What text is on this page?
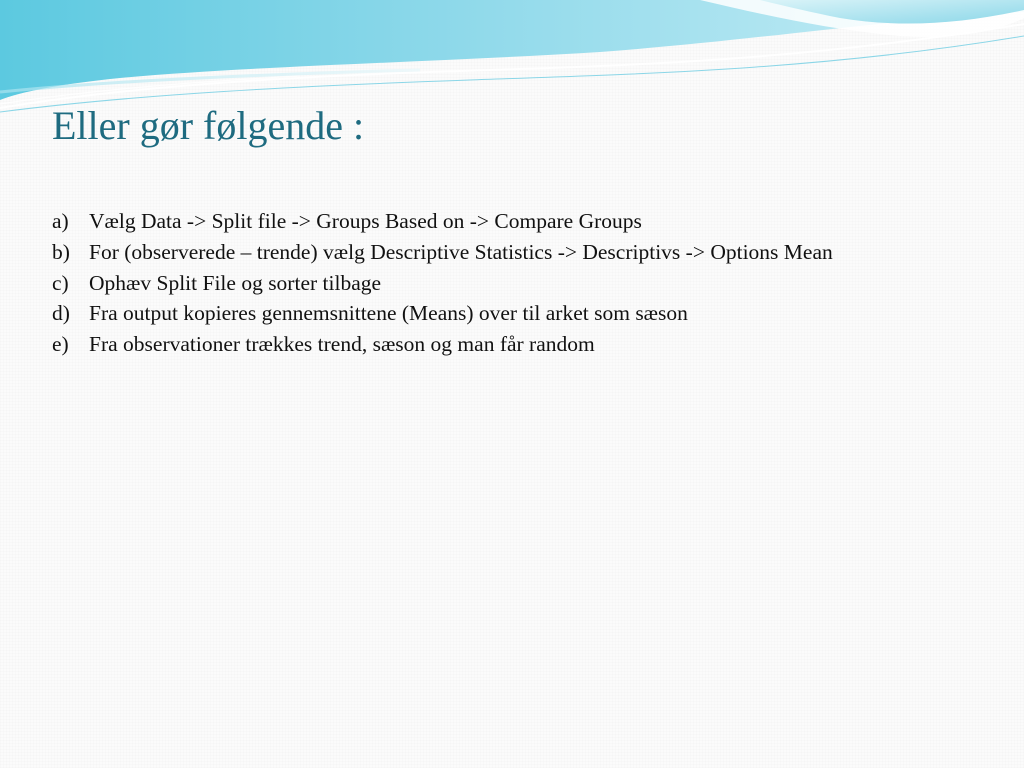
Eller gør følgende :
a) Vælg Data -> Split file -> Groups Based on -> Compare Groups
b) For (observerede – trende) vælg Descriptive Statistics -> Descriptivs -> Options Mean
c) Ophæv Split File og sorter tilbage
d) Fra output kopieres gennemsnittene (Means) over til arket som sæson
e) Fra observationer trækkes trend, sæson og man får random
